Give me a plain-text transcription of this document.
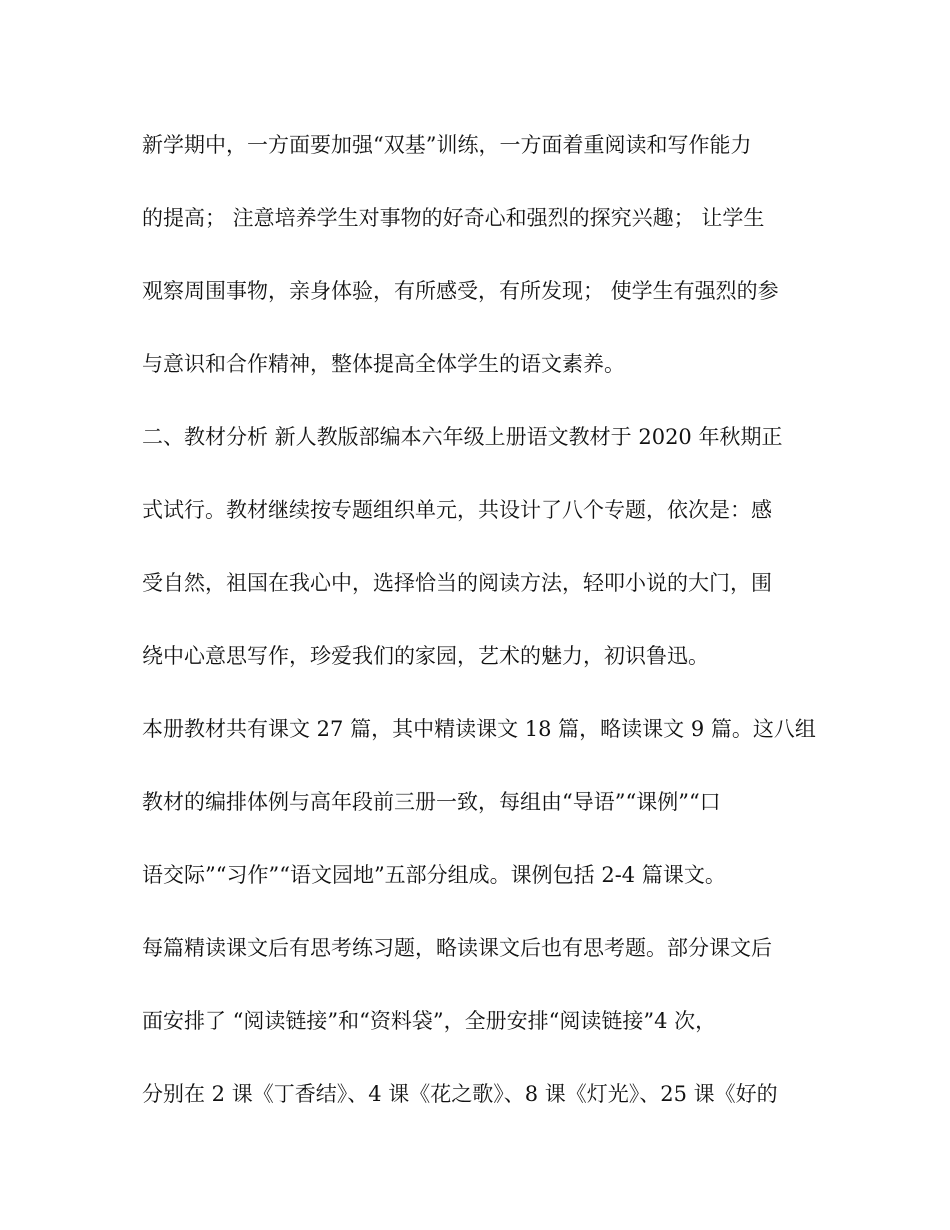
新学期中，一方面要加强“双基”训练，一方面着重阅读和写作能力
的提高； 注意培养学生对事物的好奇心和强烈的探究兴趣； 让学生
观察周围事物，亲身体验，有所感受，有所发现； 使学生有强烈的参
与意识和合作精神，整体提高全体学生的语文素养。
二、教材分析 新人教版部编本六年级上册语文教材于 2020 年秋期正
式试行。教材继续按专题组织单元，共设计了八个专题，依次是：感
受自然，祖国在我心中，选择恰当的阅读方法，轻叩小说的大门，围
绕中心意思写作，珍爱我们的家园，艺术的魅力，初识鲁迅。
本册教材共有课文 27 篇，其中精读课文 18 篇，略读课文 9 篇。这八组
教材的编排体例与高年段前三册一致，每组由“导语”“课例”“口
语交际”“习作”“语文园地”五部分组成。课例包括 2-4 篇课文。
每篇精读课文后有思考练习题，略读课文后也有思考题。部分课文后
面安排了 “阅读链接”和“资料袋”，全册安排“阅读链接”4 次，
分别在 2 课《丁香结》、4 课《花之歌》、8 课《灯光》、25 课《好的
